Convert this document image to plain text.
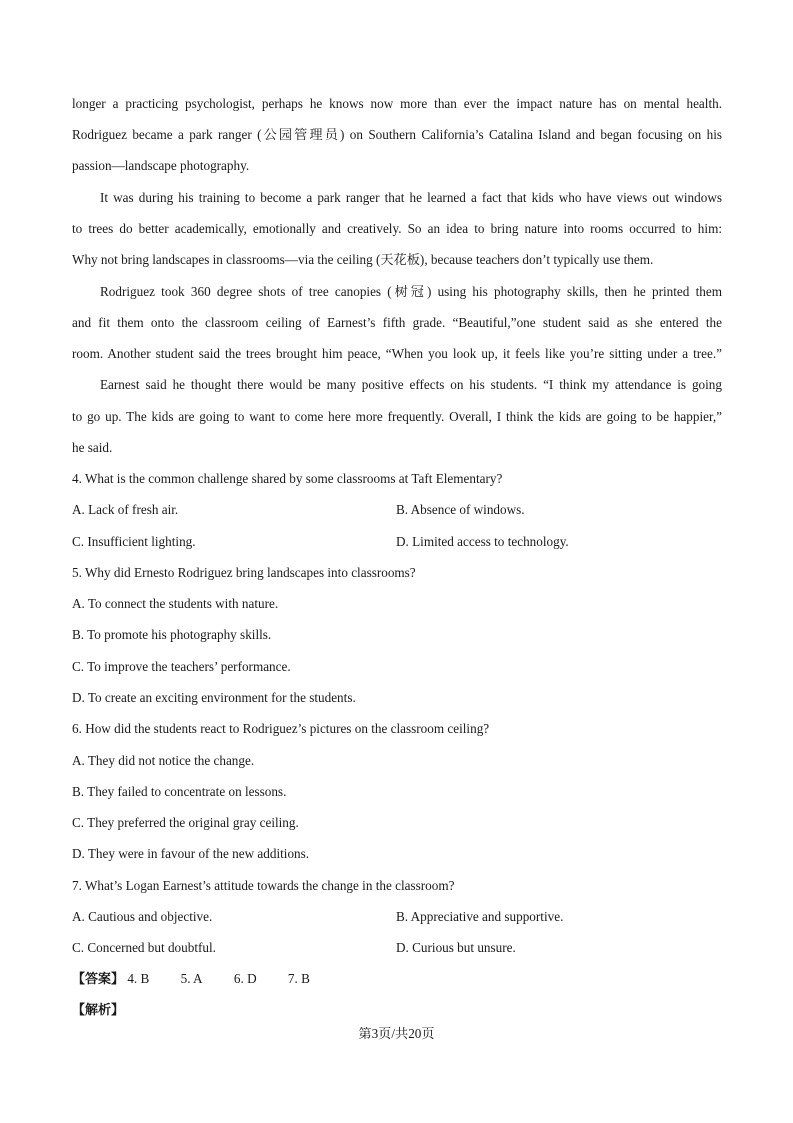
longer a practicing psychologist, perhaps he knows now more than ever the impact nature has on mental health.
Rodriguez became a park ranger (公园管理员) on Southern California’s Catalina Island and began focusing on his
passion—landscape photography.
It was during his training to become a park ranger that he learned a fact that kids who have views out windows
to trees do better academically, emotionally and creatively. So an idea to bring nature into rooms occurred to him:
Why not bring landscapes in classrooms—via the ceiling (天花板), because teachers don’t typically use them.
Rodriguez took 360 degree shots of tree canopies (树冠) using his photography skills, then he printed them
and fit them onto the classroom ceiling of Earnest’s fifth grade. “Beautiful,”one student said as she entered the
room. Another student said the trees brought him peace, “When you look up, it feels like you’re sitting under a tree.”
Earnest said he thought there would be many positive effects on his students. “I think my attendance is going
to go up. The kids are going to want to come here more frequently. Overall, I think the kids are going to be happier,”
he said.
4. What is the common challenge shared by some classrooms at Taft Elementary?
A. Lack of fresh air.	B. Absence of windows.
C. Insufficient lighting.	D. Limited access to technology.
5. Why did Ernesto Rodriguez bring landscapes into classrooms?
A. To connect the students with nature.
B. To promote his photography skills.
C. To improve the teachers’ performance.
D. To create an exciting environment for the students.
6. How did the students react to Rodriguez’s pictures on the classroom ceiling?
A. They did not notice the change.
B. They failed to concentrate on lessons.
C. They preferred the original gray ceiling.
D. They were in favour of the new additions.
7. What’s Logan Earnest’s attitude towards the change in the classroom?
A. Cautious and objective.	B. Appreciative and supportive.
C. Concerned but doubtful.	D. Curious but unsure.
【答案】 4. B 5. A 6. D 7. B
【解析】
第3页/共20页
